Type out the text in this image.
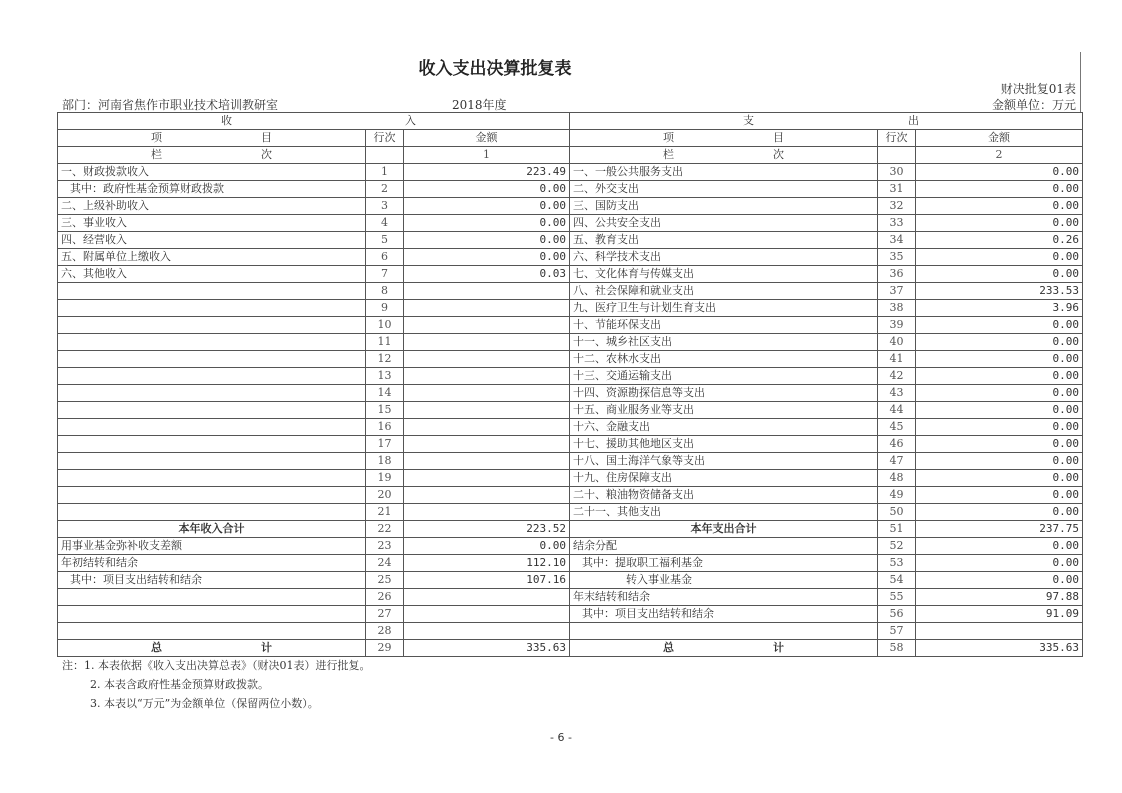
收入支出决算批复表
财决批复01表
部门：河南省焦作市职业技术培训教研室	2018年度	金额单位：万元
收 入			支 出		

项 目	行次	金额	项 目	行次	金额

栏 次		1	栏 次		2
一、财政拨款收入	1	223.49	一、一般公共服务支出	30	0.00
其中：政府性基金预算财政拨款	2	0.00	二、外交支出	31	0.00
二、上级补助收入	3	0.00	三、国防支出	32	0.00
三、事业收入	4	0.00	四、公共安全支出	33	0.00
四、经营收入	5	0.00	五、教育支出	34	0.26
五、附属单位上缴收入	6	0.00	六、科学技术支出	35	0.00
六、其他收入	7	0.03	七、文化体育与传媒支出	36	0.00
	8		八、社会保障和就业支出	37	233.53
	9		九、医疗卫生与计划生育支出	38	3.96
	10		十、节能环保支出	39	0.00
	11		十一、城乡社区支出	40	0.00
	12		十二、农林水支出	41	0.00
	13		十三、交通运输支出	42	0.00
	14		十四、资源勘探信息等支出	43	0.00
	15		十五、商业服务业等支出	44	0.00
	16		十六、金融支出	45	0.00
	17		十七、援助其他地区支出	46	0.00
	18		十八、国土海洋气象等支出	47	0.00
	19		十九、住房保障支出	48	0.00
	20		二十、粮油物资储备支出	49	0.00
	21		二十一、其他支出	50	0.00
本年收入合计	22	223.52	本年支出合计	51	237.75
用事业基金弥补收支差额	23	0.00	结余分配	52	0.00
年初结转和结余	24	112.10	其中：提取职工福利基金	53	0.00
其中：项目支出结转和结余	25	107.16	转入事业基金	54	0.00
	26		年末结转和结余	55	97.88
	27		其中：项目支出结转和结余	56	91.09
	28			57	

总 计	29	335.63	总 计	58	335.63
注：1. 本表依据《收入支出决算总表》（财决01表）进行批复。
2. 本表含政府性基金预算财政拨款。
3. 本表以“万元”为金额单位（保留两位小数）。
- 6 -
